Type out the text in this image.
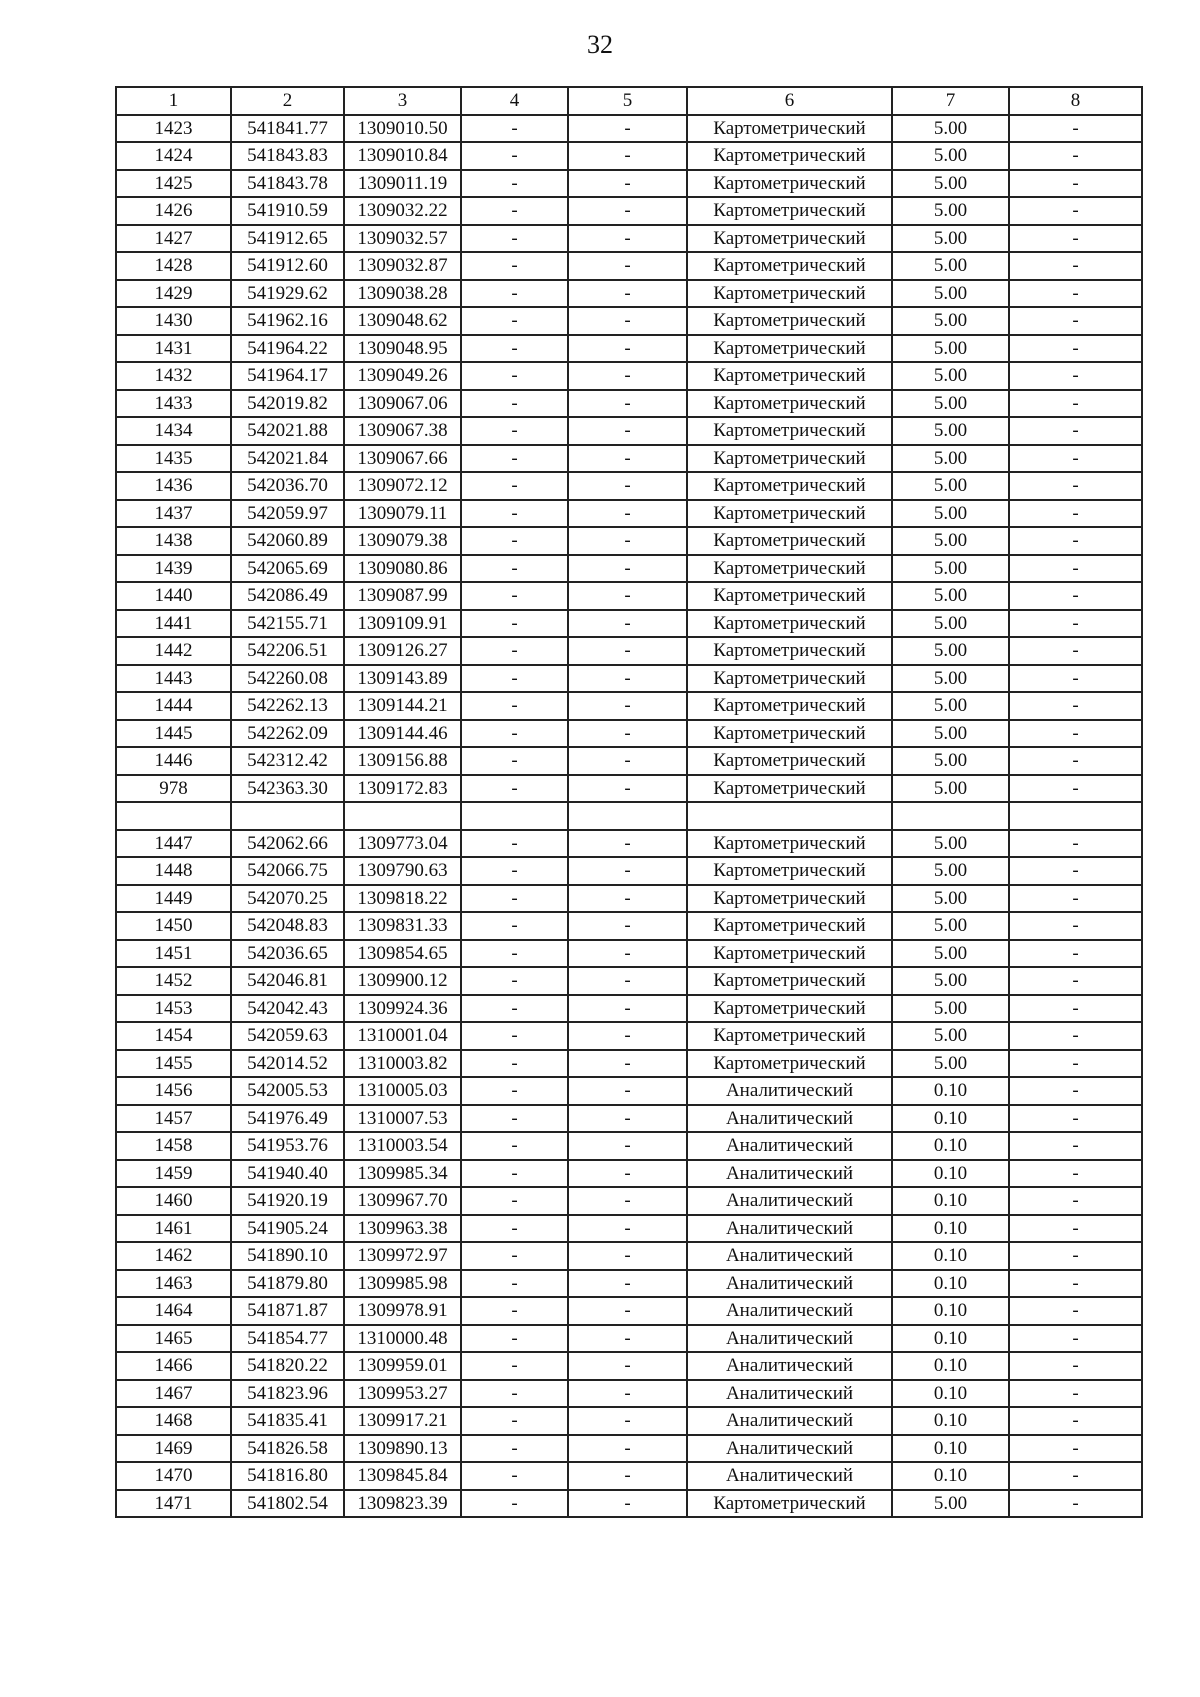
32
1	2	3	4	5	6	7	8
1423	541841.77	1309010.50	-	-	Картометрический	5.00	-
1424	541843.83	1309010.84	-	-	Картометрический	5.00	-
1425	541843.78	1309011.19	-	-	Картометрический	5.00	-
1426	541910.59	1309032.22	-	-	Картометрический	5.00	-
1427	541912.65	1309032.57	-	-	Картометрический	5.00	-
1428	541912.60	1309032.87	-	-	Картометрический	5.00	-
1429	541929.62	1309038.28	-	-	Картометрический	5.00	-
1430	541962.16	1309048.62	-	-	Картометрический	5.00	-
1431	541964.22	1309048.95	-	-	Картометрический	5.00	-
1432	541964.17	1309049.26	-	-	Картометрический	5.00	-
1433	542019.82	1309067.06	-	-	Картометрический	5.00	-
1434	542021.88	1309067.38	-	-	Картометрический	5.00	-
1435	542021.84	1309067.66	-	-	Картометрический	5.00	-
1436	542036.70	1309072.12	-	-	Картометрический	5.00	-
1437	542059.97	1309079.11	-	-	Картометрический	5.00	-
1438	542060.89	1309079.38	-	-	Картометрический	5.00	-
1439	542065.69	1309080.86	-	-	Картометрический	5.00	-
1440	542086.49	1309087.99	-	-	Картометрический	5.00	-
1441	542155.71	1309109.91	-	-	Картометрический	5.00	-
1442	542206.51	1309126.27	-	-	Картометрический	5.00	-
1443	542260.08	1309143.89	-	-	Картометрический	5.00	-
1444	542262.13	1309144.21	-	-	Картометрический	5.00	-
1445	542262.09	1309144.46	-	-	Картометрический	5.00	-
1446	542312.42	1309156.88	-	-	Картометрический	5.00	-
978	542363.30	1309172.83	-	-	Картометрический	5.00	-

1447	542062.66	1309773.04	-	-	Картометрический	5.00	-
1448	542066.75	1309790.63	-	-	Картометрический	5.00	-
1449	542070.25	1309818.22	-	-	Картометрический	5.00	-
1450	542048.83	1309831.33	-	-	Картометрический	5.00	-
1451	542036.65	1309854.65	-	-	Картометрический	5.00	-
1452	542046.81	1309900.12	-	-	Картометрический	5.00	-
1453	542042.43	1309924.36	-	-	Картометрический	5.00	-
1454	542059.63	1310001.04	-	-	Картометрический	5.00	-
1455	542014.52	1310003.82	-	-	Картометрический	5.00	-
1456	542005.53	1310005.03	-	-	Аналитический	0.10	-
1457	541976.49	1310007.53	-	-	Аналитический	0.10	-
1458	541953.76	1310003.54	-	-	Аналитический	0.10	-
1459	541940.40	1309985.34	-	-	Аналитический	0.10	-
1460	541920.19	1309967.70	-	-	Аналитический	0.10	-
1461	541905.24	1309963.38	-	-	Аналитический	0.10	-
1462	541890.10	1309972.97	-	-	Аналитический	0.10	-
1463	541879.80	1309985.98	-	-	Аналитический	0.10	-
1464	541871.87	1309978.91	-	-	Аналитический	0.10	-
1465	541854.77	1310000.48	-	-	Аналитический	0.10	-
1466	541820.22	1309959.01	-	-	Аналитический	0.10	-
1467	541823.96	1309953.27	-	-	Аналитический	0.10	-
1468	541835.41	1309917.21	-	-	Аналитический	0.10	-
1469	541826.58	1309890.13	-	-	Аналитический	0.10	-
1470	541816.80	1309845.84	-	-	Аналитический	0.10	-
1471	541802.54	1309823.39	-	-	Картометрический	5.00	-
